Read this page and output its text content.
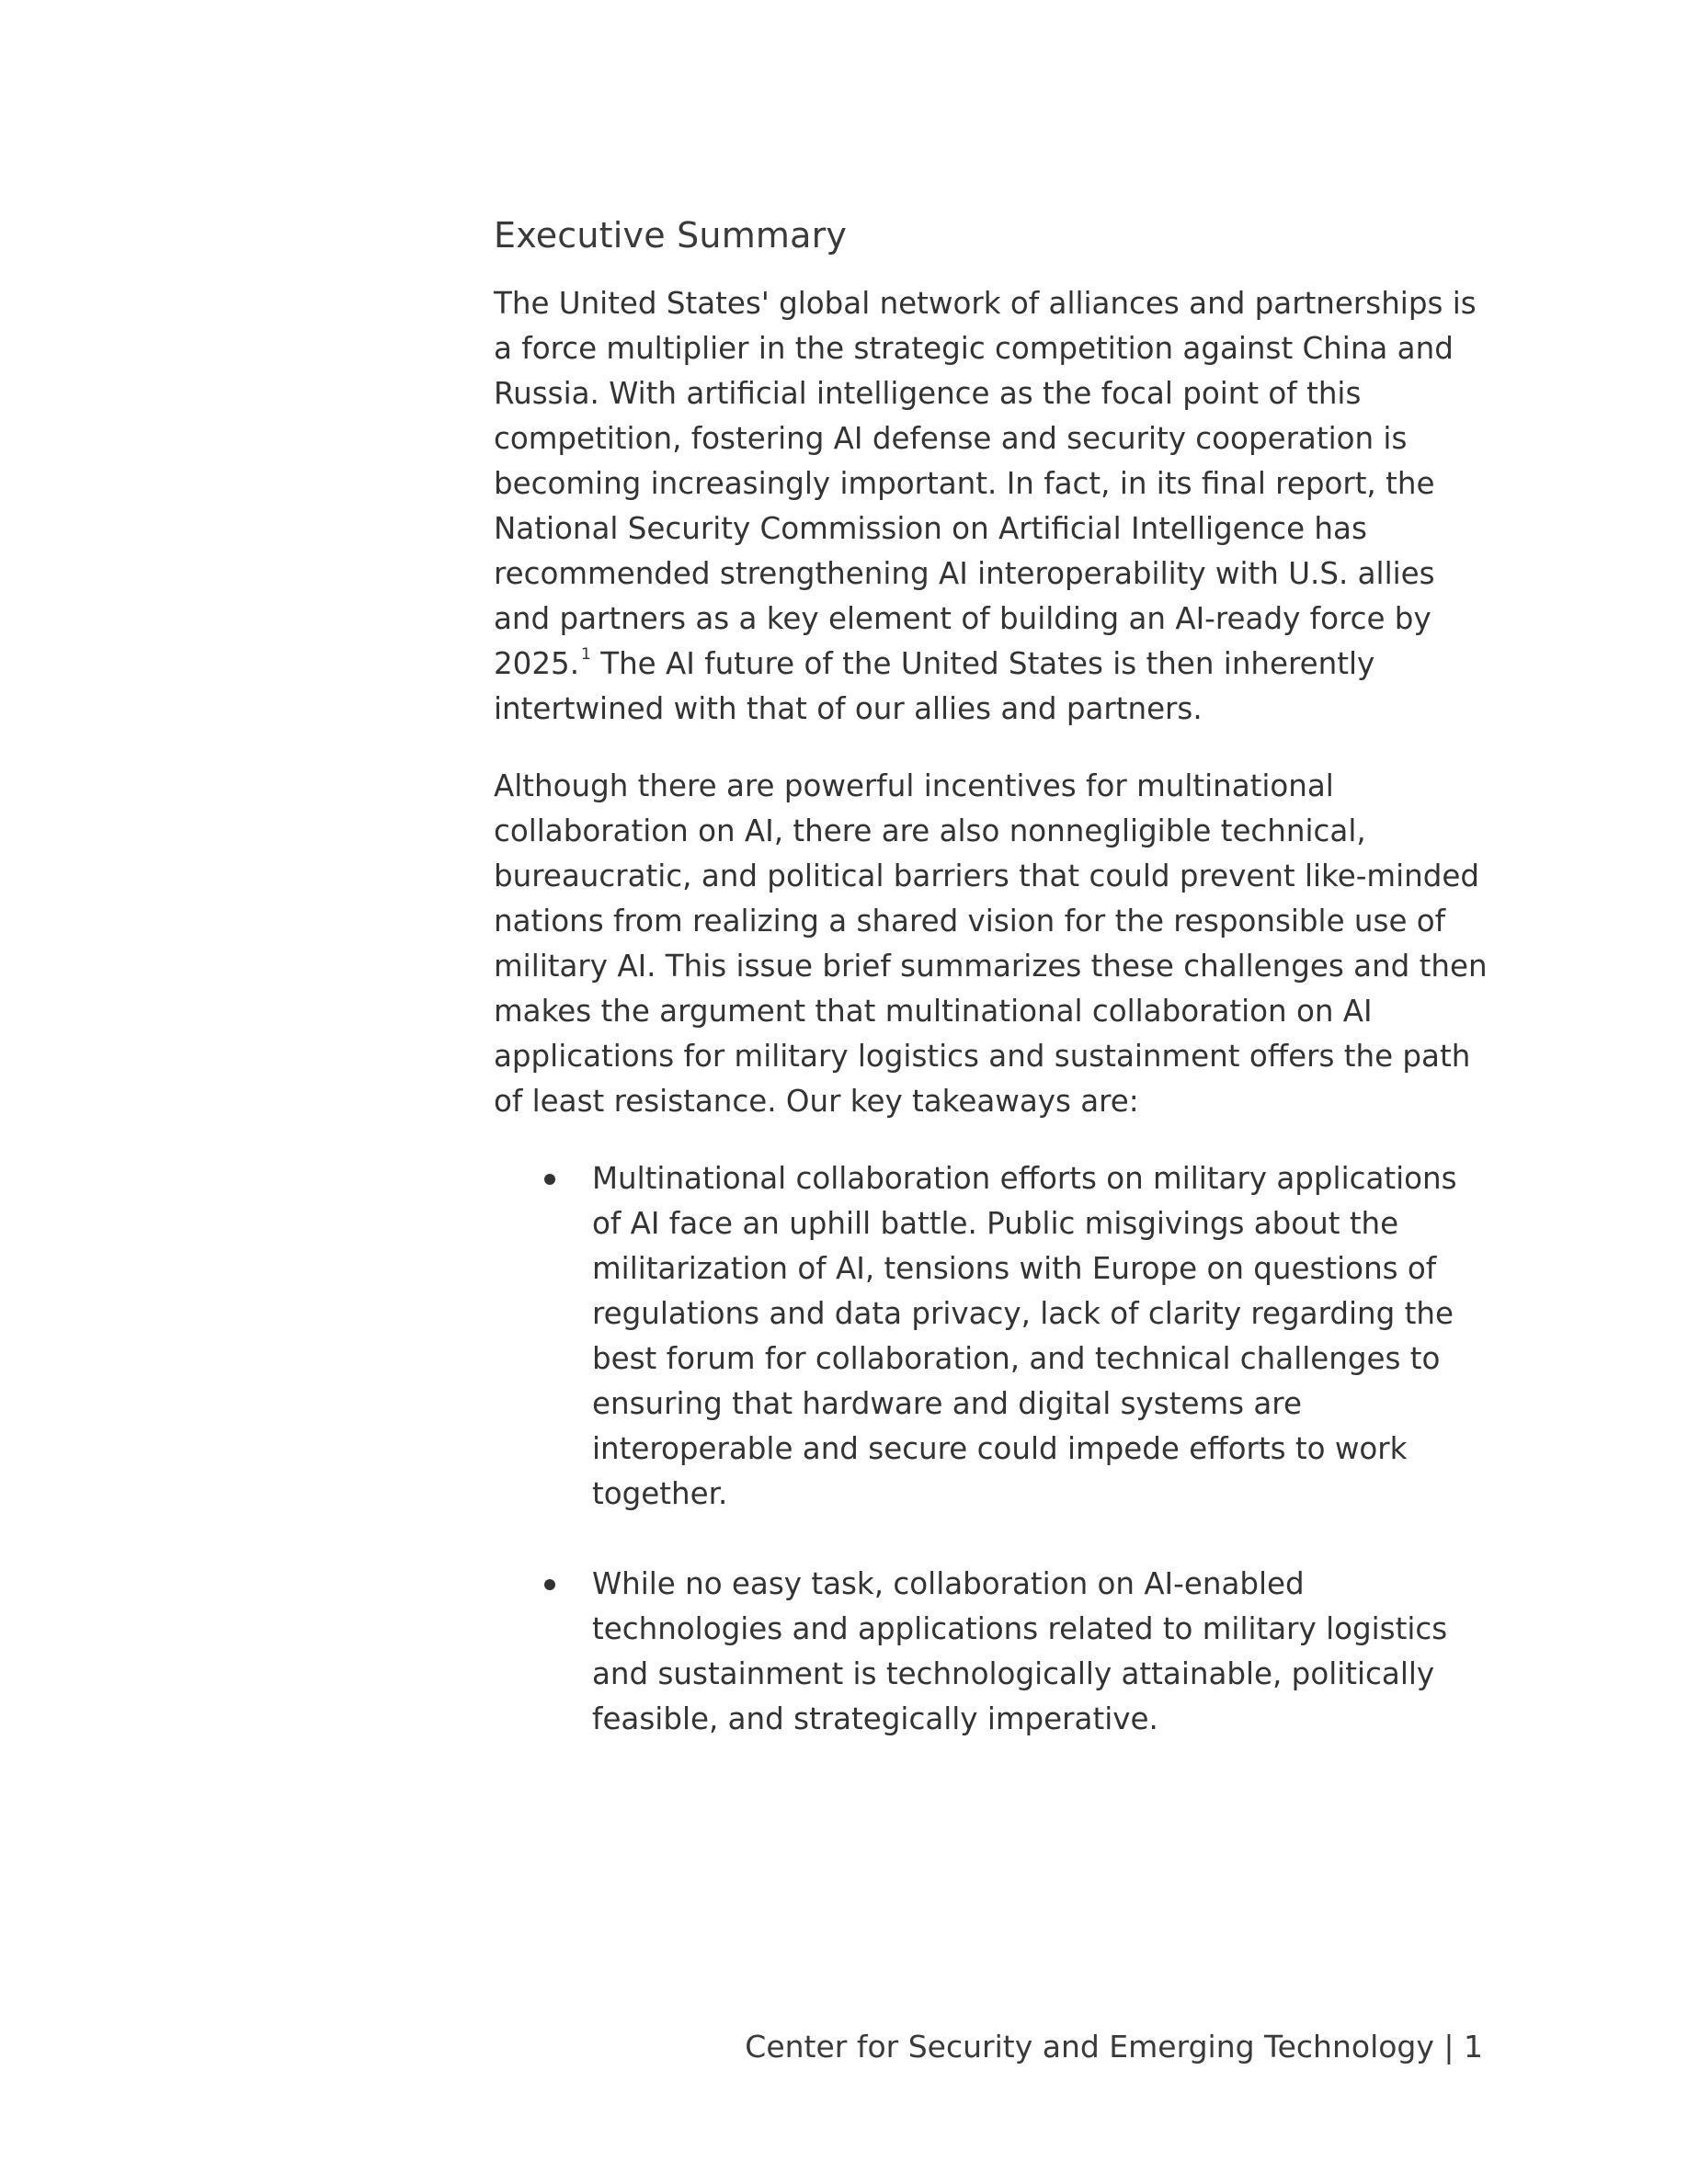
Executive Summary

The United States' global network of alliances and partnerships is a force multiplier in the strategic competition against China and Russia. With artificial intelligence as the focal point of this competition, fostering AI defense and security cooperation is becoming increasingly important. In fact, in its final report, the National Security Commission on Artificial Intelligence has recommended strengthening AI interoperability with U.S. allies and partners as a key element of building an AI-ready force by 2025. $^1$ The AI future of the United States is then inherently intertwined with that of our allies and partners.

Although there are powerful incentives for multinational collaboration on AI, there are also nonnegligible technical, bureaucratic, and political barriers that could prevent like-minded nations from realizing a shared vision for the responsible use of military AI. This issue brief summarizes these challenges and then makes the argument that multinational collaboration on AI applications for military logistics and sustainment offers the path of least resistance. Our key takeaways are:

Multinational collaboration efforts on military applications of AI face an uphill battle. Public misgivings about the militarization of AI, tensions with Europe on questions of regulations and data privacy, lack of clarity regarding the best forum for collaboration, and technical challenges to ensuring that hardware and digital systems are interoperable and secure could impede efforts to work together.
While no easy task, collaboration on AI-enabled technologies and applications related to military logistics and sustainment is technologically attainable, politically feasible, and strategically imperative.
Center for Security and Emerging Technology | 1
